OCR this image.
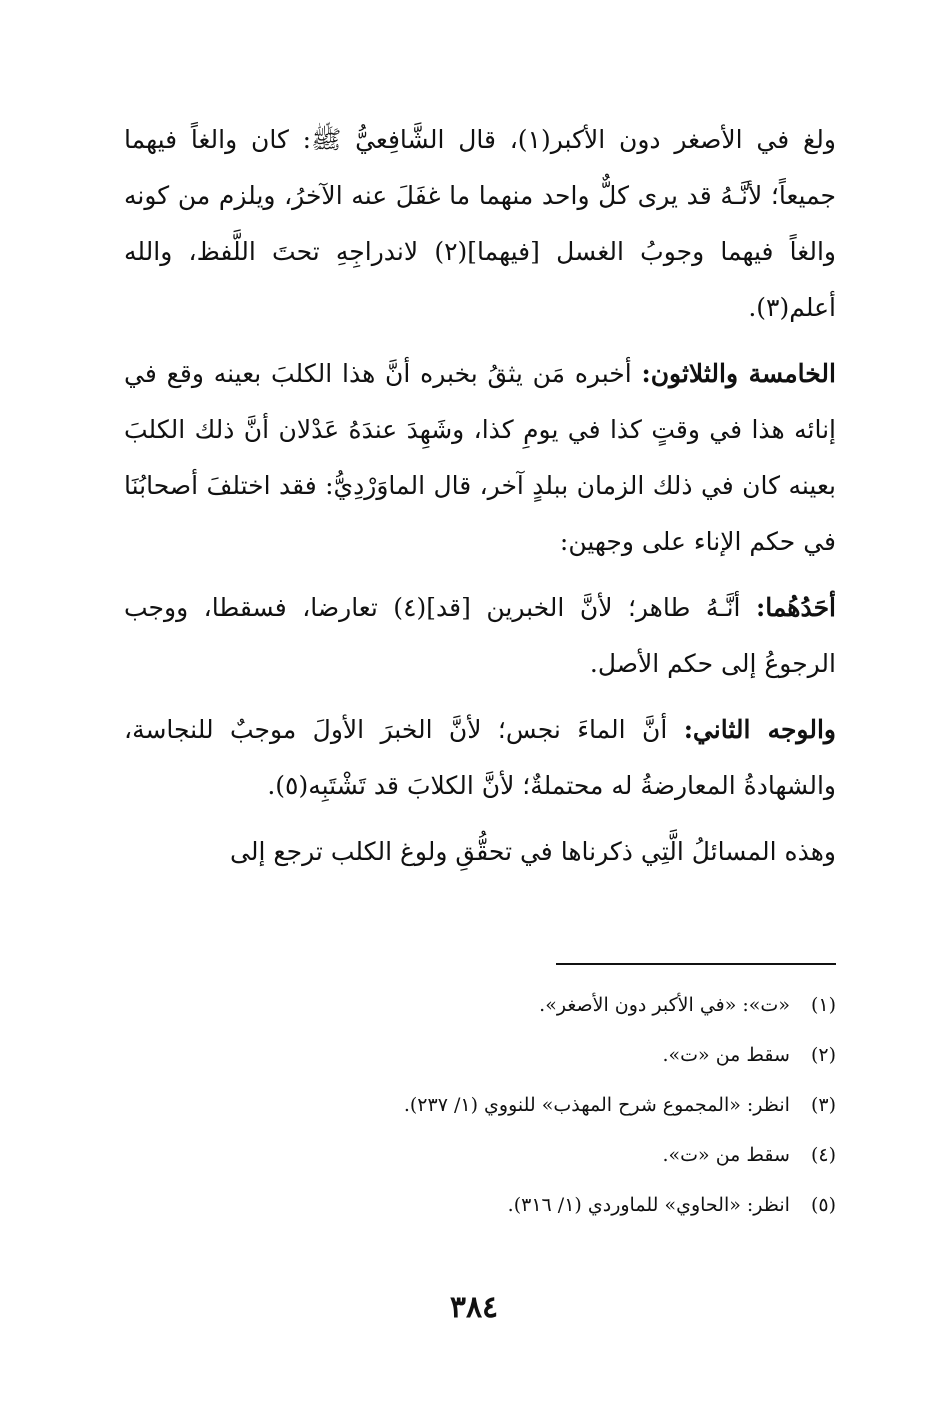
ولغ في الأصغر دون الأكبر(١)، قال الشَّافِعيُّ ﷺ: كان والغاً فيهما جميعاً؛ لأنَّـهُ قد يرى كلٌّ واحد منهما ما غفَلَ عنه الآخرُ، ويلزم من كونه والغاً فيهما وجوبُ الغسل [فيهما](٢) لاندراجِهِ تحتَ اللَّفظ، والله أعلم(٣).

الخامسة والثلاثون: أخبره مَن يثقُ بخبره أنَّ هذا الكلبَ بعينه وقع في إنائه هذا في وقتٍ كذا في يومِ كذا، وشَهِدَ عندَهُ عَدْلان أنَّ ذلك الكلبَ بعينه كان في ذلك الزمان ببلدٍ آخر، قال الماوَرْدِيُّ: فقد اختلفَ أصحابُنَا في حكم الإناء على وجهين:

أحَدُهُما: أنَّـهُ طاهر؛ لأنَّ الخبرين [قد](٤) تعارضا، فسقطا، ووجب الرجوعُ إلى حكم الأصل.

والوجه الثاني: أنَّ الماءَ نجس؛ لأنَّ الخبرَ الأولَ موجبٌ للنجاسة، والشهادةُ المعارضةُ له محتملةٌ؛ لأنَّ الكلابَ قد تَشْتَبِه(٥).

وهذه المسائلُ الَّتِي ذكرناها في تحقُّقِ ولوغ الكلب ترجع إلى

(١) «ت»: «في الأكبر دون الأصغر».

(٢) سقط من «ت».

(٣) انظر: «المجموع شرح المهذب» للنووي (١/ ٢٣٧).

(٤) سقط من «ت».

(٥) انظر: «الحاوي» للماوردي (١/ ٣١٦).

٣٨٤
